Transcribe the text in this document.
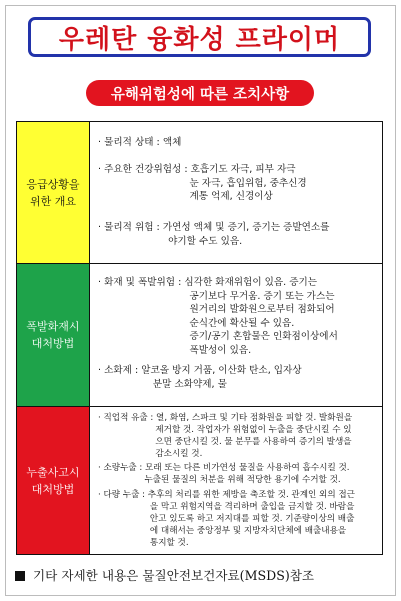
우레탄 융화성 프라이머
유해위험성에 따른 조치사항
응급상황을
위한 개요
· 물리적 상태 : 액체
· 주요한 건강위험성 : 호흡기도 자극, 피부 자극
눈 자극, 흡입위험, 중추신경
계통 억제, 신경이상
· 물리적 위험 : 가연성 액체 및 증기, 증기는 증발연소를
야기할 수도 있음.
폭발화재시
대처방법
· 화재 및 폭발위험 : 심각한 화재위험이 있음. 증기는
공기보다 무거움. 증기 또는 가스는
원거리의 발화원으로부터 점화되어
순식간에 확산될 수 있음.
증기/공기 혼합물은 인화점이상에서
폭발성이 있음.
· 소화제 : 알코올 방지 거품, 이산화 탄소, 입자상
분말 소화약제, 물
누출사고시
대처방법
· 직업적 유출 : 열, 화염, 스파크 및 기타 점화원을 피할 것. 발화원을
제거할 것. 작업자가 위험없이 누출을 중단시킬 수 있
으면 중단시킬 것. 물 분무를 사용하여 증기의 발생을
감소시킬 것.
· 소량누출 : 모래 또는 다른 비가연성 물질을 사용하여 흡수시킬 것.
누출된 물질의 처분을 위해 적당한 용기에 수거할 것.
· 다량 누출 : 추후의 처리를 위한 제방을 축조할 것. 관계인 외의 접근
을 막고 위험지역을 격리하며 출입을 금지할 것. 바람을
안고 있도록 하고 저지대를 피할 것. 기준량이상의 배출
에 대해서는 중앙정부 및 지방자치단체에 배출내용을
통지할 것.
기타 자세한 내용은 물질안전보건자료(MSDS)참조
